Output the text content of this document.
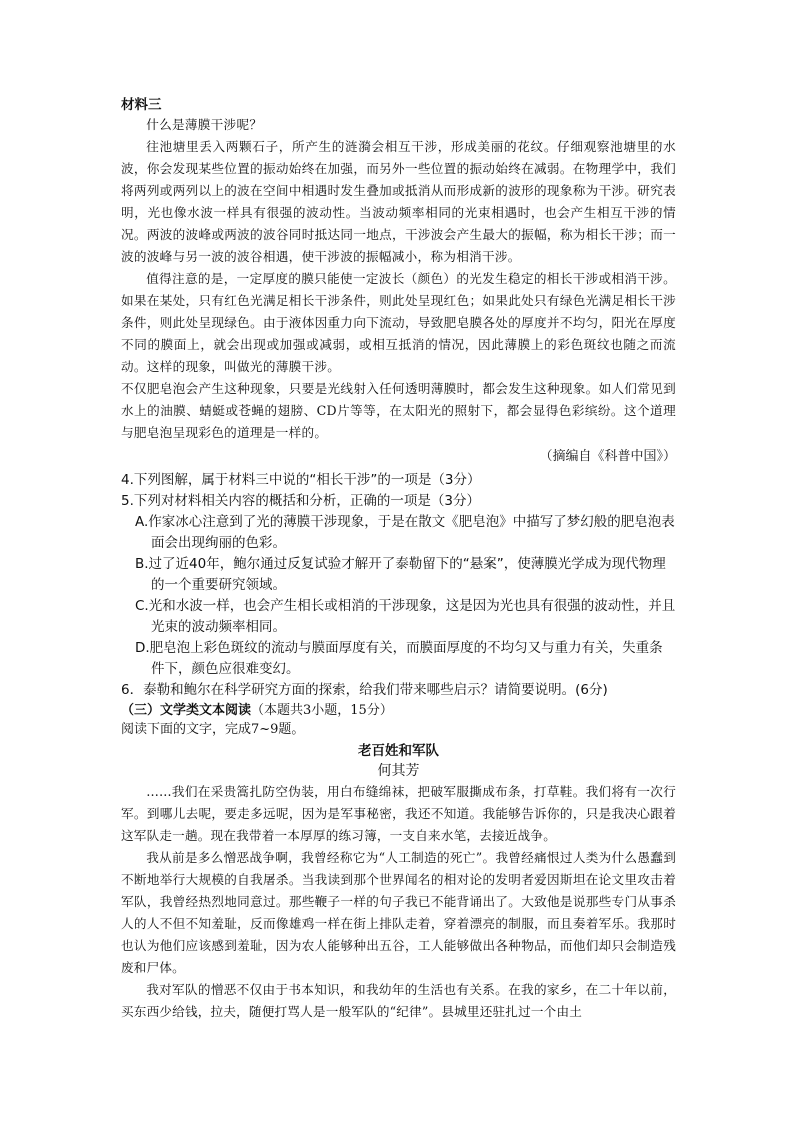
材料三

什么是薄膜干涉呢？

往池塘里丢入两颗石子，所产生的涟漪会相互干涉，形成美丽的花纹。仔细观察池塘里的水波，你会发现某些位置的振动始终在加强，而另外一些位置的振动始终在减弱。在物理学中，我们将两列或两列以上的波在空间中相遇时发生叠加或抵消从而形成新的波形的现象称为干涉。研究表明，光也像水波一样具有很强的波动性。当波动频率相同的光束相遇时，也会产生相互干涉的情况。两波的波峰或两波的波谷同时抵达同一地点，干涉波会产生最大的振幅，称为相长干涉；而一波的波峰与另一波的波谷相遇，使干涉波的振幅减小，称为相消干涉。

值得注意的是，一定厚度的膜只能使一定波长（颜色）的光发生稳定的相长干涉或相消干涉。如果在某处，只有红色光满足相长干涉条件，则此处呈现红色；如果此处只有绿色光满足相长干涉条件，则此处呈现绿色。由于液体因重力向下流动，导致肥皂膜各处的厚度并不均匀，阳光在厚度不同的膜面上，就会出现或加强或减弱，或相互抵消的情况，因此薄膜上的彩色斑纹也随之而流动。这样的现象，叫做光的薄膜干涉。

不仅肥皂泡会产生这种现象，只要是光线射入任何透明薄膜时，都会发生这种现象。如人们常见到水上的油膜、蜻蜓或苍蝇的翅膀、CD片等等，在太阳光的照射下，都会显得色彩缤纷。这个道理与肥皂泡呈现彩色的道理是一样的。

（摘编自《科普中国》）

4.下列图解，属于材料三中说的“相长干涉”的一项是（3分）

5.下列对材料相关内容的概括和分析，正确的一项是（3分）

A.作家冰心注意到了光的薄膜干涉现象，于是在散文《肥皂泡》中描写了梦幻般的肥皂泡表面会出现绚丽的色彩。

B.过了近40年，鲍尔通过反复试验才解开了泰勒留下的“悬案”，使薄膜光学成为现代物理的一个重要研究领域。

C.光和水波一样，也会产生相长或相消的干涉现象，这是因为光也具有很强的波动性，并且光束的波动频率相同。

D.肥皂泡上彩色斑纹的流动与膜面厚度有关，而膜面厚度的不均匀又与重力有关，失重条件下，颜色应很难变幻。

6．泰勒和鲍尔在科学研究方面的探索，给我们带来哪些启示？请简要说明。(6分)

（三）文学类文本阅读（本题共3小题，15分）

阅读下面的文字，完成7~9题。

老百姓和军队

何其芳

……我们在采贵篙扎防空伪装，用白布缝绵袜，把破军服撕成布条，打草鞋。我们将有一次行军。到哪儿去呢，要走多远呢，因为是军事秘密，我还不知道。我能够告诉你的，只是我决心跟着这军队走一趟。现在我带着一本厚厚的练习簿，一支自来水笔，去接近战争。

我从前是多么憎恶战争啊，我曾经称它为“人工制造的死亡”。我曾经痛恨过人类为什么愚蠢到不断地举行大规模的自我屠杀。当我读到那个世界闻名的相对论的发明者爱因斯坦在论文里攻击着军队，我曾经热烈地同意过。那些鞭子一样的句子我已不能背诵出了。大致他是说那些专门从事杀人的人不但不知羞耻，反而像雄鸡一样在街上排队走着，穿着漂亮的制服，而且奏着军乐。我那时也认为他们应该感到羞耻，因为农人能够种出五谷，工人能够做出各种物品，而他们却只会制造残废和尸体。

我对军队的憎恶不仅由于书本知识，和我幼年的生活也有关系。在我的家乡，在二十年以前，买东西少给钱，拉夫，随便打骂人是一般军队的“纪律”。县城里还驻扎过一个由土
